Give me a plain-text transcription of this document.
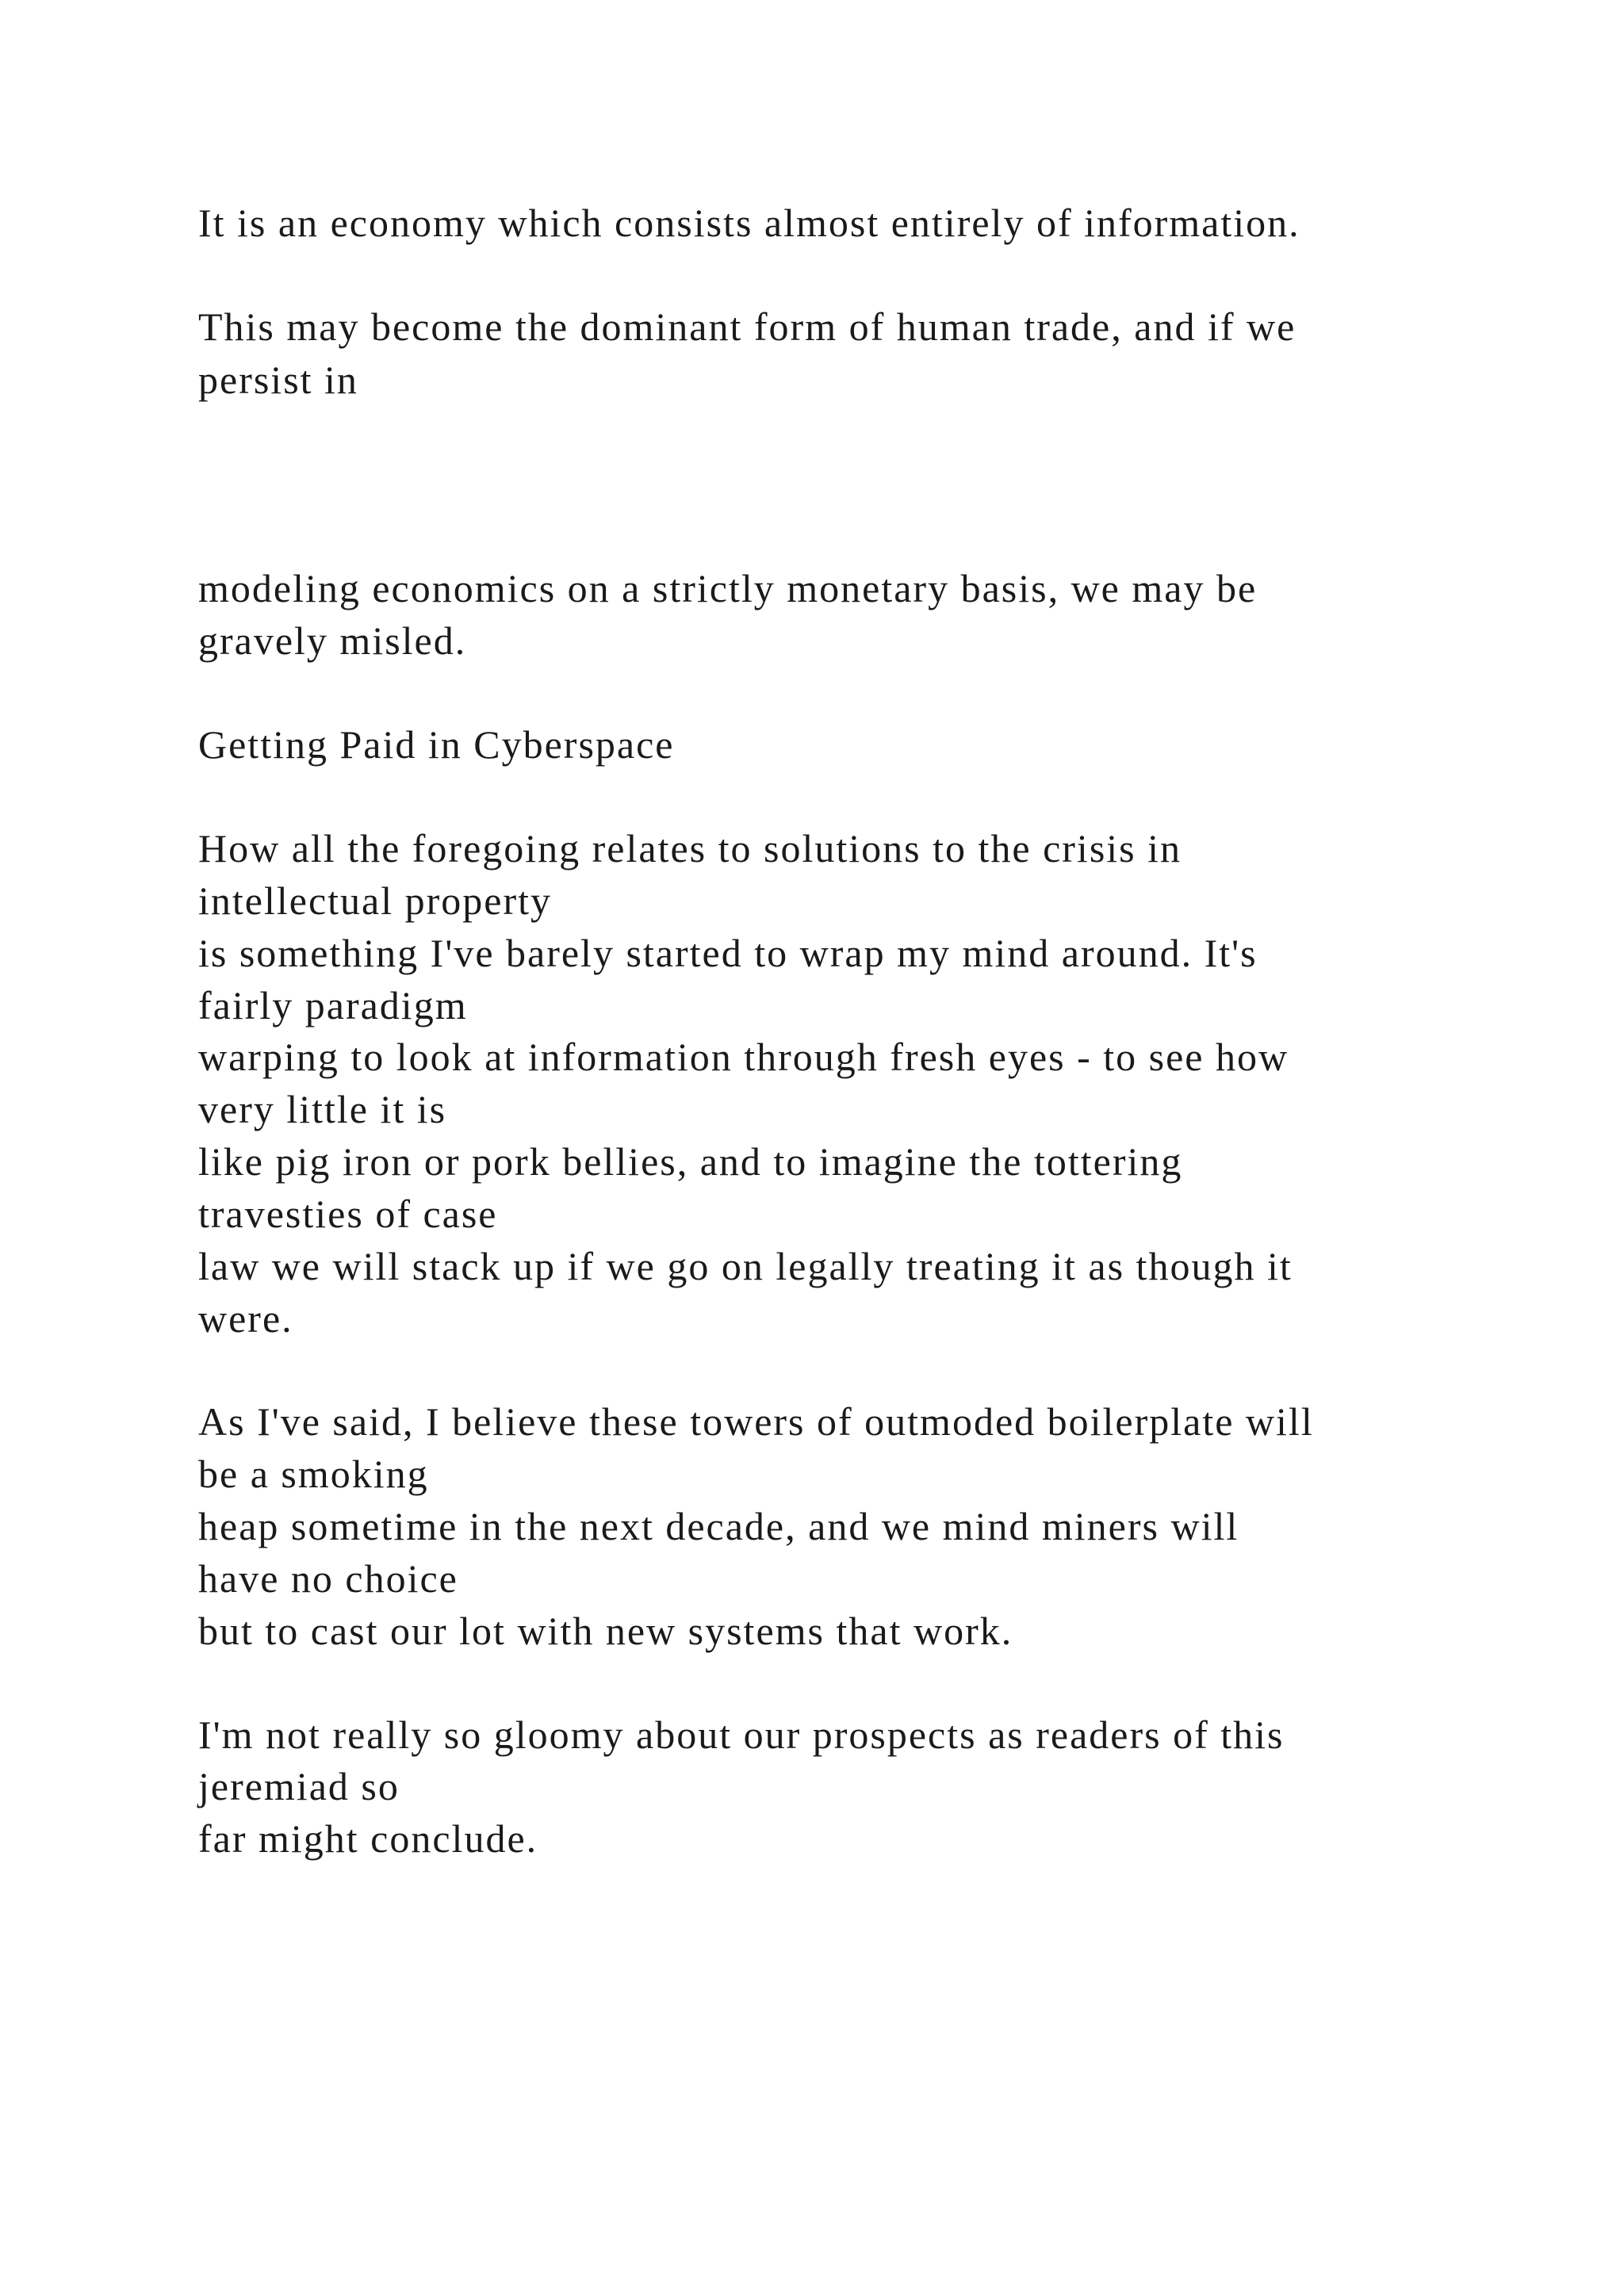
It is an economy which consists almost entirely of information.

This may become the dominant form of human trade, and if we

persist in

modeling economics on a strictly monetary basis, we may be

gravely misled.

Getting Paid in Cyberspace

How all the foregoing relates to solutions to the crisis in

intellectual property

is something I've barely started to wrap my mind around. It's

fairly paradigm

warping to look at information through fresh eyes - to see how

very little it is

like pig iron or pork bellies, and to imagine the tottering

travesties of case

law we will stack up if we go on legally treating it as though it

were.

As I've said, I believe these towers of outmoded boilerplate will

be a smoking

heap sometime in the next decade, and we mind miners will

have no choice

but to cast our lot with new systems that work.

I'm not really so gloomy about our prospects as readers of this

jeremiad so

far might conclude.
